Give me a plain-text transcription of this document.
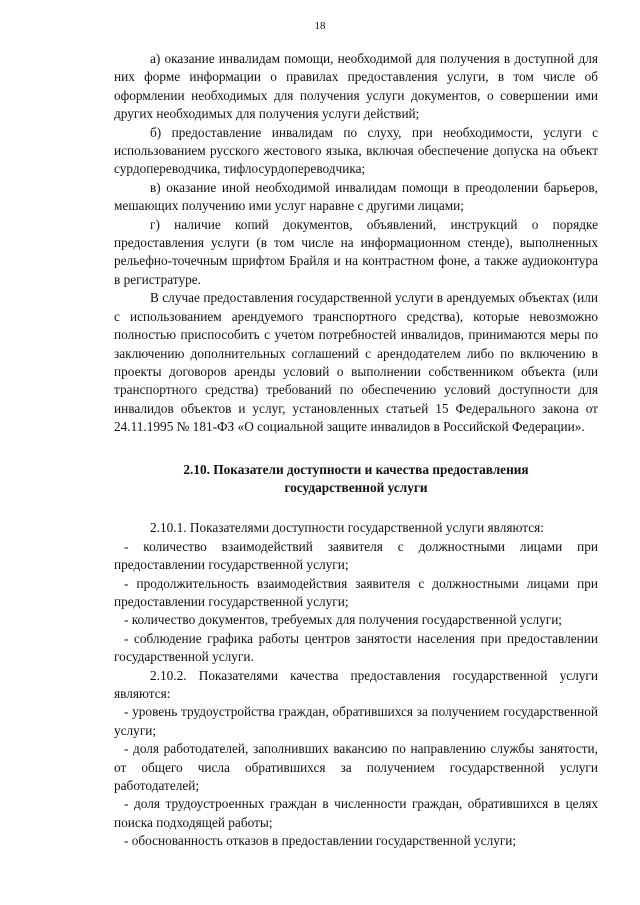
18

а) оказание инвалидам помощи, необходимой для получения в доступной для них форме информации о правилах предоставления услуги, в том числе об оформлении необходимых для получения услуги документов, о совершении ими других необходимых для получения услуги действий;

б) предоставление инвалидам по слуху, при необходимости, услуги с использованием русского жестового языка, включая обеспечение допуска на объект сурдопереводчика, тифлосурдопереводчика;

в) оказание иной необходимой инвалидам помощи в преодолении барьеров, мешающих получению ими услуг наравне с другими лицами;

г) наличие копий документов, объявлений, инструкций о порядке предоставления услуги (в том числе на информационном стенде), выполненных рельефно-точечным шрифтом Брайля и на контрастном фоне, а также аудиоконтура в регистратуре.

В случае предоставления государственной услуги в арендуемых объектах (или с использованием арендуемого транспортного средства), которые невозможно полностью приспособить с учетом потребностей инвалидов, принимаются меры по заключению дополнительных соглашений с арендодателем либо по включению в проекты договоров аренды условий о выполнении собственником объекта (или транспортного средства) требований по обеспечению условий доступности для инвалидов объектов и услуг, установленных статьей 15 Федерального закона от 24.11.1995 № 181-ФЗ «О социальной защите инвалидов в Российской Федерации».

2.10. Показатели доступности и качества предоставления
государственной услуги

2.10.1. Показателями доступности государственной услуги являются:

- количество взаимодействий заявителя с должностными лицами при предоставлении государственной услуги;

- продолжительность взаимодействия заявителя с должностными лицами при предоставлении государственной услуги;

- количество документов, требуемых для получения государственной услуги;

- соблюдение графика работы центров занятости населения при предоставлении государственной услуги.

2.10.2. Показателями качества предоставления государственной услуги являются:

- уровень трудоустройства граждан, обратившихся за получением государственной услуги;

- доля работодателей, заполнивших вакансию по направлению службы занятости, от общего числа обратившихся за получением государственной услуги работодателей;

- доля трудоустроенных граждан в численности граждан, обратившихся в целях поиска подходящей работы;

- обоснованность отказов в предоставлении государственной услуги;
